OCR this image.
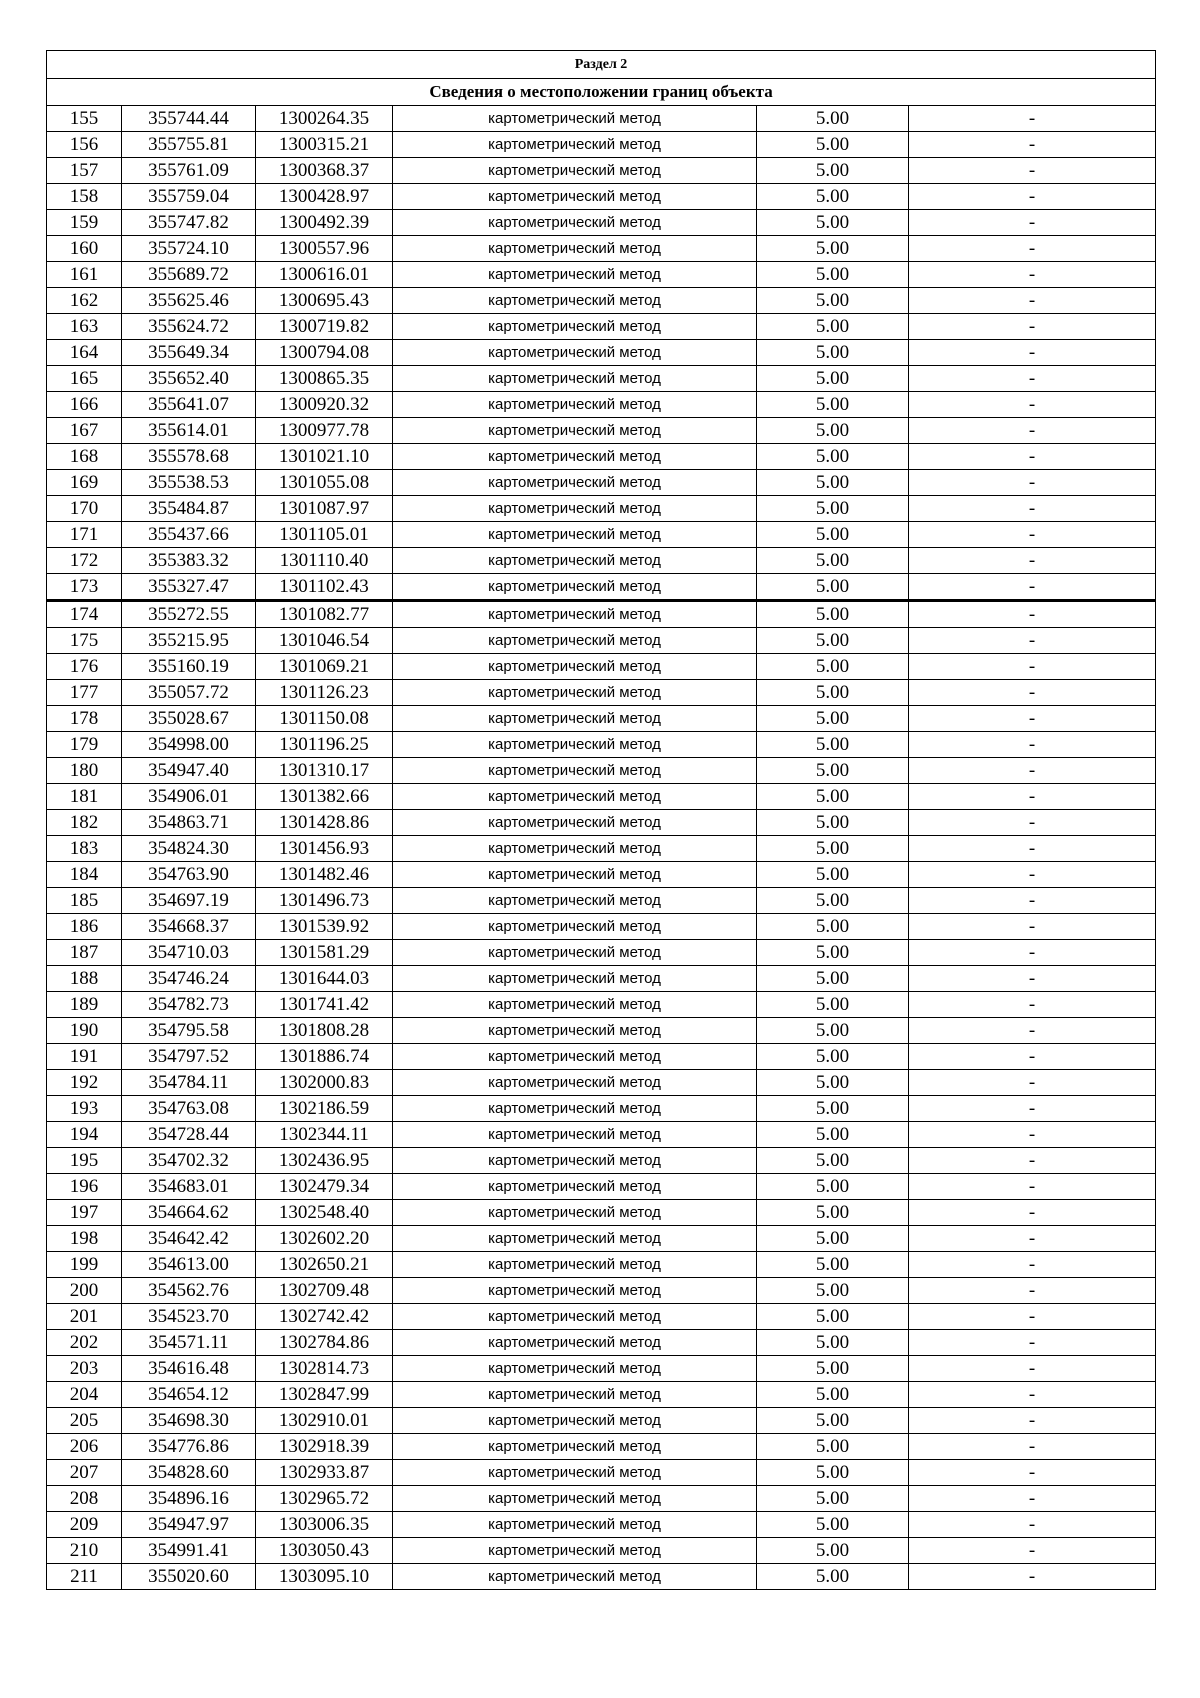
Раздел 2					
Сведения о местоположении границ объекта					
155	355744.44	1300264.35	картометрический метод	5.00	-
156	355755.81	1300315.21	картометрический метод	5.00	-
157	355761.09	1300368.37	картометрический метод	5.00	-
158	355759.04	1300428.97	картометрический метод	5.00	-
159	355747.82	1300492.39	картометрический метод	5.00	-
160	355724.10	1300557.96	картометрический метод	5.00	-
161	355689.72	1300616.01	картометрический метод	5.00	-
162	355625.46	1300695.43	картометрический метод	5.00	-
163	355624.72	1300719.82	картометрический метод	5.00	-
164	355649.34	1300794.08	картометрический метод	5.00	-
165	355652.40	1300865.35	картометрический метод	5.00	-
166	355641.07	1300920.32	картометрический метод	5.00	-
167	355614.01	1300977.78	картометрический метод	5.00	-
168	355578.68	1301021.10	картометрический метод	5.00	-
169	355538.53	1301055.08	картометрический метод	5.00	-
170	355484.87	1301087.97	картометрический метод	5.00	-
171	355437.66	1301105.01	картометрический метод	5.00	-
172	355383.32	1301110.40	картометрический метод	5.00	-
173	355327.47	1301102.43	картометрический метод	5.00	-
174	355272.55	1301082.77	картометрический метод	5.00	-
175	355215.95	1301046.54	картометрический метод	5.00	-
176	355160.19	1301069.21	картометрический метод	5.00	-
177	355057.72	1301126.23	картометрический метод	5.00	-
178	355028.67	1301150.08	картометрический метод	5.00	-
179	354998.00	1301196.25	картометрический метод	5.00	-
180	354947.40	1301310.17	картометрический метод	5.00	-
181	354906.01	1301382.66	картометрический метод	5.00	-
182	354863.71	1301428.86	картометрический метод	5.00	-
183	354824.30	1301456.93	картометрический метод	5.00	-
184	354763.90	1301482.46	картометрический метод	5.00	-
185	354697.19	1301496.73	картометрический метод	5.00	-
186	354668.37	1301539.92	картометрический метод	5.00	-
187	354710.03	1301581.29	картометрический метод	5.00	-
188	354746.24	1301644.03	картометрический метод	5.00	-
189	354782.73	1301741.42	картометрический метод	5.00	-
190	354795.58	1301808.28	картометрический метод	5.00	-
191	354797.52	1301886.74	картометрический метод	5.00	-
192	354784.11	1302000.83	картометрический метод	5.00	-
193	354763.08	1302186.59	картометрический метод	5.00	-
194	354728.44	1302344.11	картометрический метод	5.00	-
195	354702.32	1302436.95	картометрический метод	5.00	-
196	354683.01	1302479.34	картометрический метод	5.00	-
197	354664.62	1302548.40	картометрический метод	5.00	-
198	354642.42	1302602.20	картометрический метод	5.00	-
199	354613.00	1302650.21	картометрический метод	5.00	-
200	354562.76	1302709.48	картометрический метод	5.00	-
201	354523.70	1302742.42	картометрический метод	5.00	-
202	354571.11	1302784.86	картометрический метод	5.00	-
203	354616.48	1302814.73	картометрический метод	5.00	-
204	354654.12	1302847.99	картометрический метод	5.00	-
205	354698.30	1302910.01	картометрический метод	5.00	-
206	354776.86	1302918.39	картометрический метод	5.00	-
207	354828.60	1302933.87	картометрический метод	5.00	-
208	354896.16	1302965.72	картометрический метод	5.00	-
209	354947.97	1303006.35	картометрический метод	5.00	-
210	354991.41	1303050.43	картометрический метод	5.00	-
211	355020.60	1303095.10	картометрический метод	5.00	-
